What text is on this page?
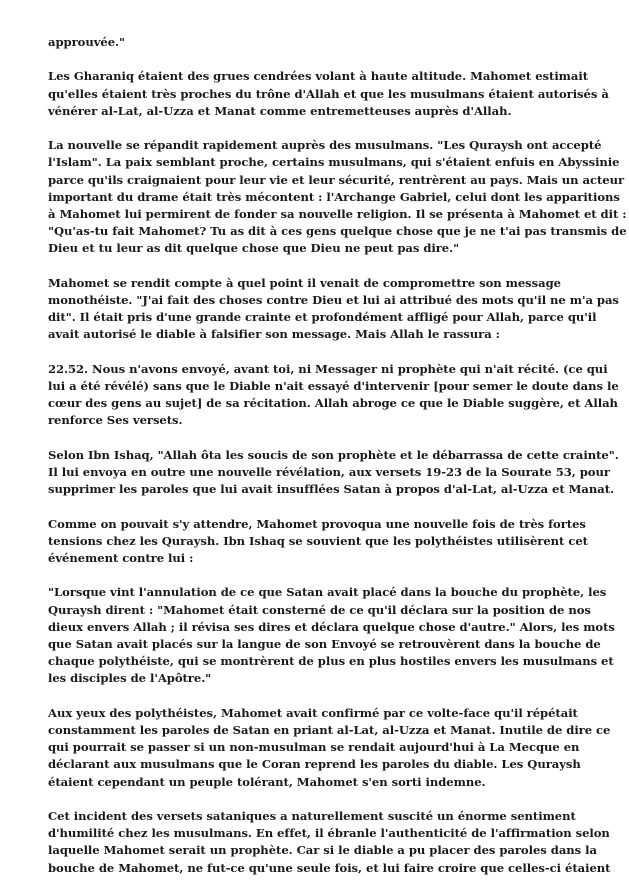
approuvée."
Les Gharaniq étaient des grues cendrées volant à haute altitude. Mahomet estimait
qu'elles étaient très proches du trône d'Allah et que les musulmans étaient autorisés à
vénérer al-Lat, al-Uzza et Manat comme entremetteuses auprès d'Allah.
La nouvelle se répandit rapidement auprès des musulmans. "Les Quraysh ont accepté
l'Islam". La paix semblant proche, certains musulmans, qui s'étaient enfuis en Abyssinie
parce qu'ils craignaient pour leur vie et leur sécurité, rentrèrent au pays. Mais un acteur
important du drame était très mécontent : l'Archange Gabriel, celui dont les apparitions
à Mahomet lui permirent de fonder sa nouvelle religion. Il se présenta à Mahomet et dit :
"Qu'as-tu fait Mahomet? Tu as dit à ces gens quelque chose que je ne t'ai pas transmis de
Dieu et tu leur as dit quelque chose que Dieu ne peut pas dire."
Mahomet se rendit compte à quel point il venait de compromettre son message
monothéiste. "J'ai fait des choses contre Dieu et lui ai attribué des mots qu'il ne m'a pas
dit". Il était pris d'une grande crainte et profondément affligé pour Allah, parce qu'il
avait autorisé le diable à falsifier son message. Mais Allah le rassura :
22.52. Nous n'avons envoyé, avant toi, ni Messager ni prophète qui n'ait récité. (ce qui
lui a été révélé) sans que le Diable n'ait essayé d'intervenir [pour semer le doute dans le
cœur des gens au sujet] de sa récitation. Allah abroge ce que le Diable suggère, et Allah
renforce Ses versets.
Selon Ibn Ishaq, "Allah ôta les soucis de son prophète et le débarrassa de cette crainte".
Il lui envoya en outre une nouvelle révélation, aux versets 19-23 de la Sourate 53, pour
supprimer les paroles que lui avait insufflées Satan à propos d'al-Lat, al-Uzza et Manat.
Comme on pouvait s'y attendre, Mahomet provoqua une nouvelle fois de très fortes
tensions chez les Quraysh. Ibn Ishaq se souvient que les polythéistes utilisèrent cet
événement contre lui :
"Lorsque vint l'annulation de ce que Satan avait placé dans la bouche du prophète, les
Quraysh dirent : "Mahomet était consterné de ce qu'il déclara sur la position de nos
dieux envers Allah ; il révisa ses dires et déclara quelque chose d'autre." Alors, les mots
que Satan avait placés sur la langue de son Envoyé se retrouvèrent dans la bouche de
chaque polythéiste, qui se montrèrent de plus en plus hostiles envers les musulmans et
les disciples de l'Apôtre."
Aux yeux des polythéistes, Mahomet avait confirmé par ce volte-face qu'il répétait
constamment les paroles de Satan en priant al-Lat, al-Uzza et Manat. Inutile de dire ce
qui pourrait se passer si un non-musulman se rendait aujourd'hui à La Mecque en
déclarant aux musulmans que le Coran reprend les paroles du diable. Les Quraysh
étaient cependant un peuple tolérant, Mahomet s'en sorti indemne.
Cet incident des versets sataniques a naturellement suscité un énorme sentiment
d'humilité chez les musulmans. En effet, il ébranle l'authenticité de l'affirmation selon
laquelle Mahomet serait un prophète. Car si le diable a pu placer des paroles dans la
bouche de Mahomet, ne fut-ce qu'une seule fois, et lui faire croire que celles-ci étaient
